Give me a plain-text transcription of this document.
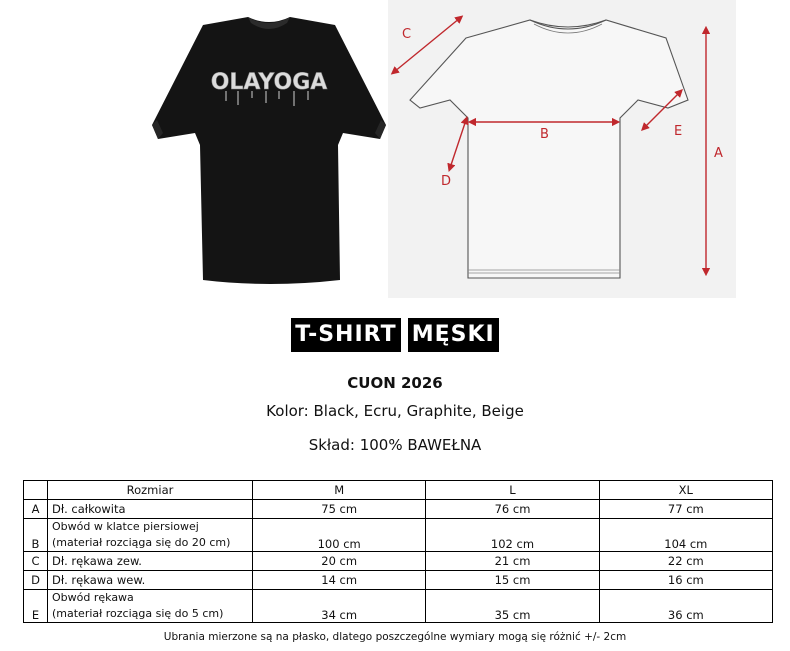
OLAYOGA
C
B
A
E
D
T-SHIRT MĘSKI
CUON 2026
Kolor: Black, Ecru, Graphite, Beige
Skład: 100% BAWEŁNA
	Rozmiar	M	L	XL
A	Dł. całkowita	75 cm	76 cm	77 cm
B	Obwód w klatce piersiowej
(materiał rozciąga się do 20 cm)	100 cm	102 cm	104 cm
C	Dł. rękawa zew.	20 cm	21 cm	22 cm
D	Dł. rękawa wew.	14 cm	15 cm	16 cm
E	Obwód rękawa
(materiał rozciąga się do 5 cm)	34 cm	35 cm	36 cm
Ubrania mierzone są na płasko, dlatego poszczególne wymiary mogą się różnić +/- 2cm
